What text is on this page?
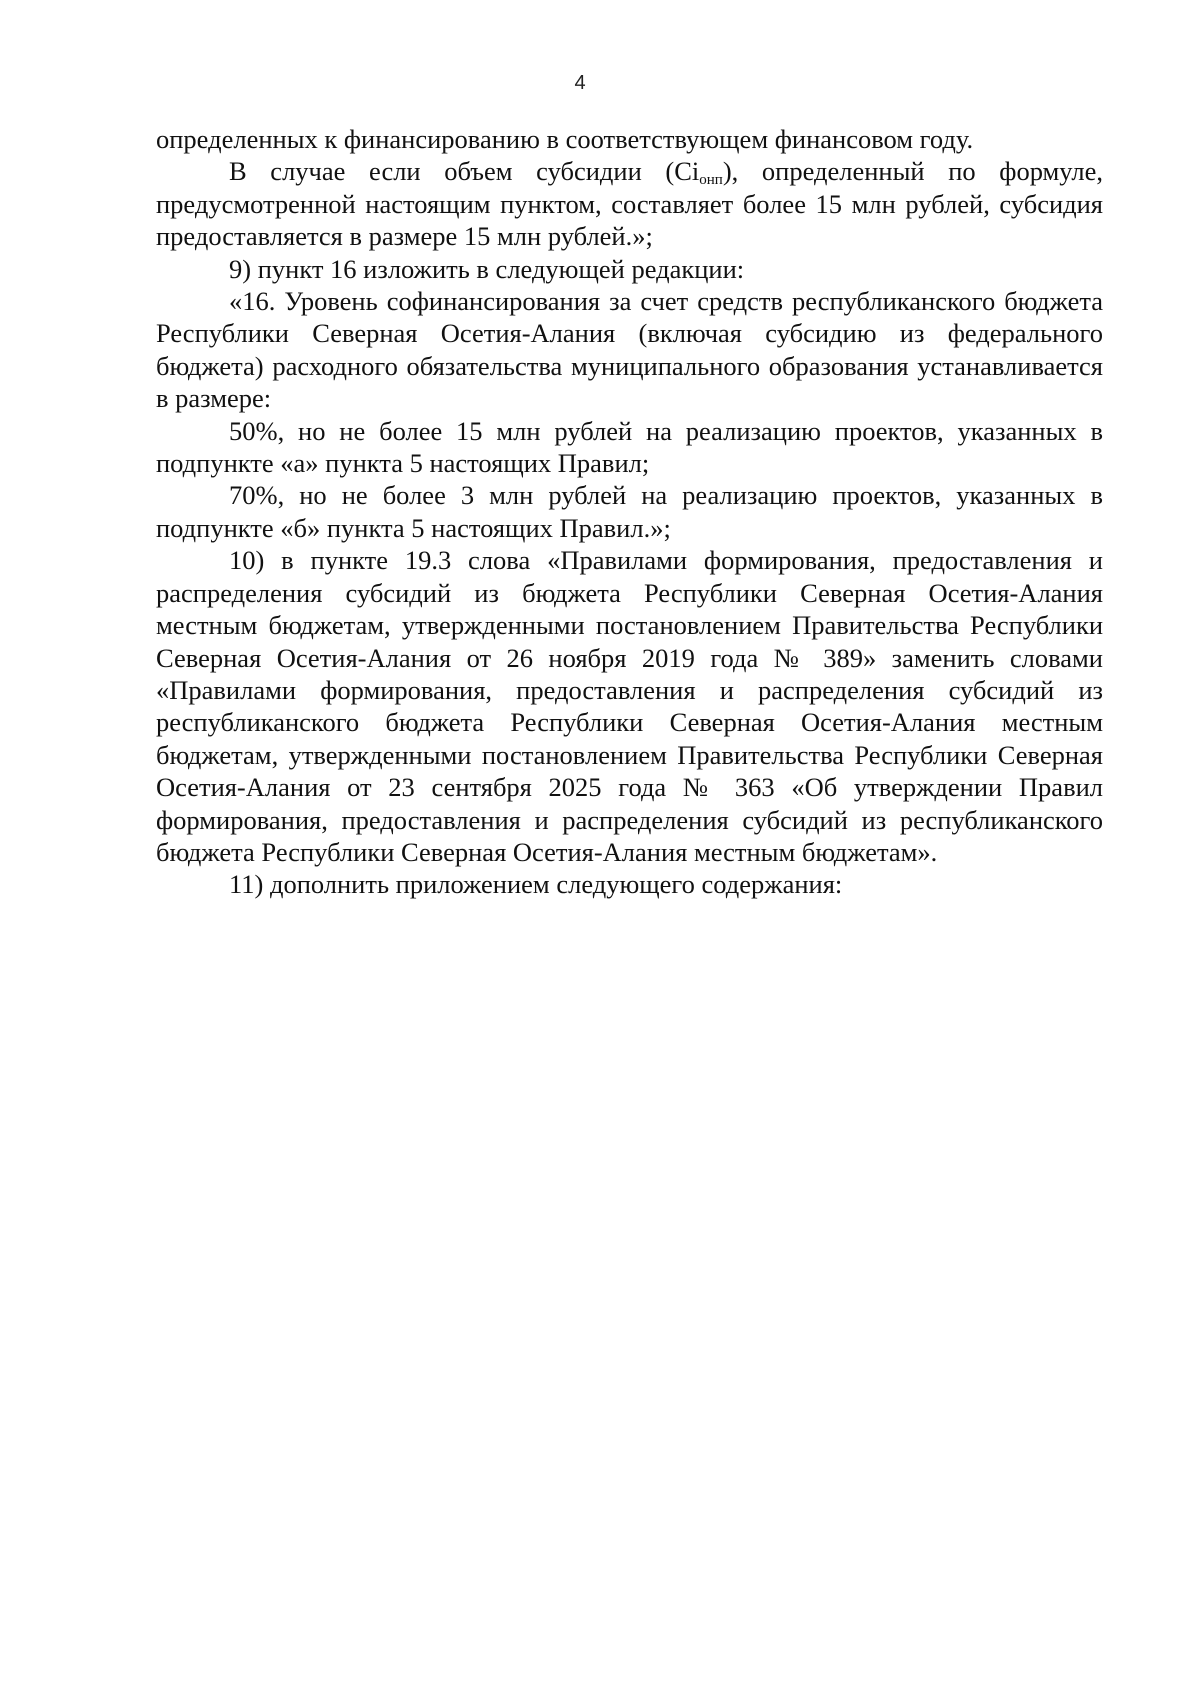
4

определенных к финансированию в соответствующем финансовом году.

В случае если объем субсидии $(Ci_{онп})$, определенный по формуле, предусмотренной настоящим пунктом, составляет более 15 млн рублей, субсидия предоставляется в размере 15 млн рублей.»;

9) пункт 16 изложить в следующей редакции:

«16. Уровень софинансирования за счет средств республиканского бюджета Республики Северная Осетия-Алания (включая субсидию из федерального бюджета) расходного обязательства муниципального образования устанавливается в размере:

50%, но не более 15 млн рублей на реализацию проектов, указанных в подпункте «а» пункта 5 настоящих Правил;

70%, но не более 3 млн рублей на реализацию проектов, указанных в подпункте «б» пункта 5 настоящих Правил.»;

10) в пункте 19.3 слова «Правилами формирования, предоставления и распределения субсидий из бюджета Республики Северная Осетия-Алания местным бюджетам, утвержденными постановлением Правительства Республики Северная Осетия-Алания от 26 ноября 2019 года № 389» заменить словами «Правилами формирования, предоставления и распределения субсидий из республиканского бюджета Республики Северная Осетия-Алания местным бюджетам, утвержденными постановлением Правительства Республики Северная Осетия-Алания от 23 сентября 2025 года № 363 «Об утверждении Правил формирования, предоставления и распределения субсидий из республиканского бюджета Республики Северная Осетия-Алания местным бюджетам».

11) дополнить приложением следующего содержания:
